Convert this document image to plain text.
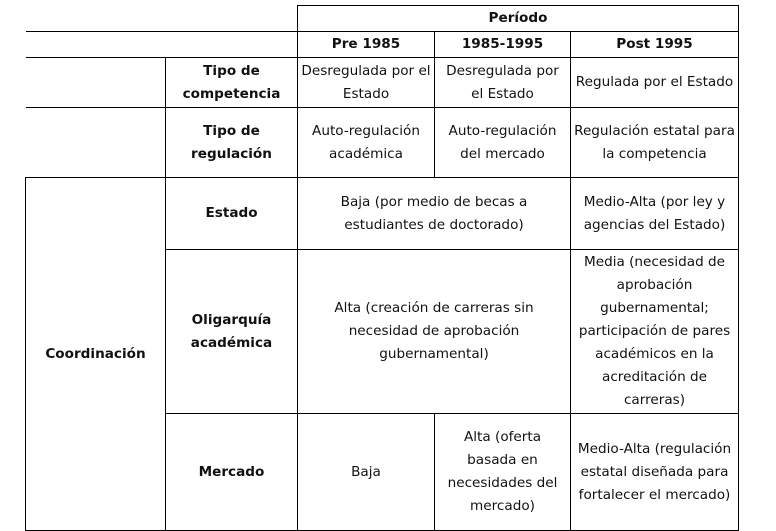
		Período		
		Pre 1985	1985-1995	Post 1995
	Tipo de competencia	Desregulada por el Estado	Desregulada por el Estado	Regulada por el Estado
	Tipo de regulación	Auto-regulación académica	Auto-regulación del mercado	Regulación estatal para la competencia
Coordinación	Estado	Baja (por medio de becas a estudiantes de doctorado)		Medio-Alta (por ley y agencias del Estado)
	Oligarquía académica	Alta (creación de carreras sin necesidad de aprobación gubernamental)		Media (necesidad de aprobación gubernamental; participación de pares académicos en la acreditación de carreras)
	Mercado	Baja	Alta (oferta basada en necesidades del mercado)	Medio-Alta (regulación estatal diseñada para fortalecer el mercado)
